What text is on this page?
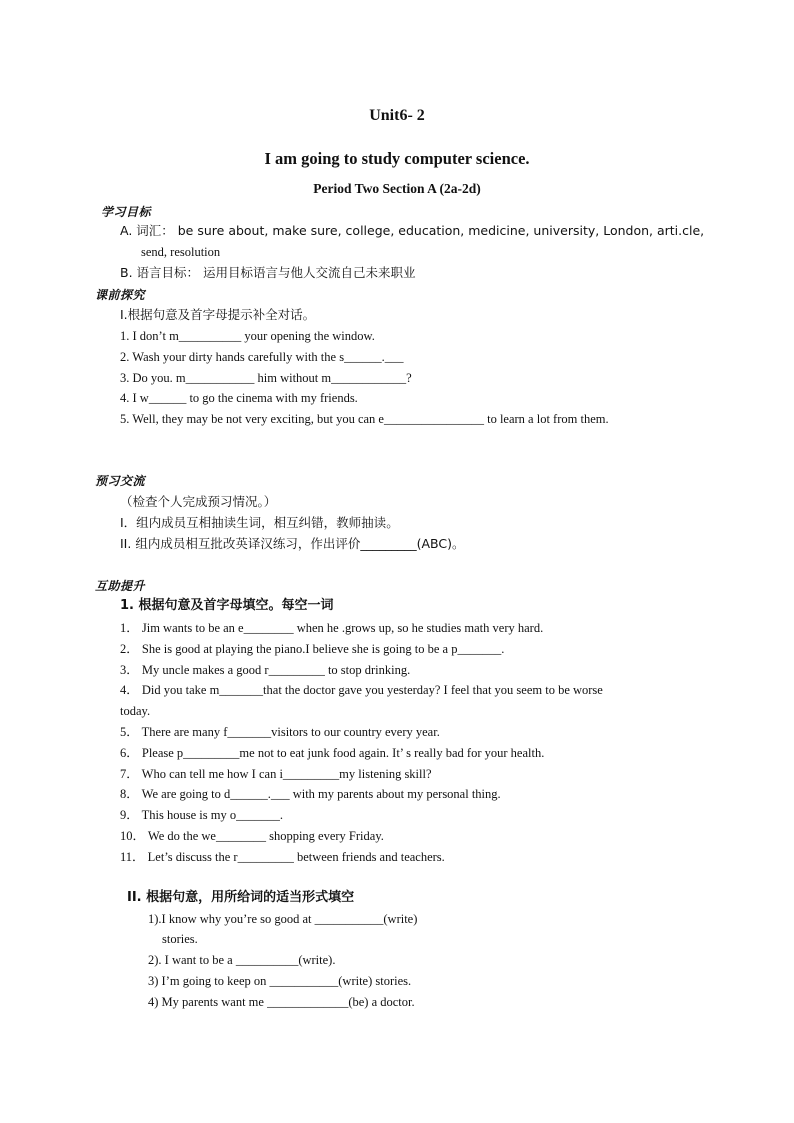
Unit6- 2
I am going to study computer science.
Period Two Section A (2a-2d)
学习目标
A. 词汇： be sure about, make sure, college, education, medicine, university, London, arti.cle,
send, resolution
B. 语言目标： 运用目标语言与他人交流自己未来职业
课前探究
I.根据句意及首字母提示补全对话。
1. I don’t m__________ your opening the window.
2. Wash your dirty hands carefully with the s______.___
3. Do you. m___________ him without m____________?
4. I w______ to go the cinema with my friends.
5. Well, they may be not very exciting, but you can e________________ to learn a lot from them.
预习交流
（检查个人完成预习情况。）
I．组内成员互相抽读生词，相互纠错，教师抽读。
II. 组内成员相互批改英译汉练习，作出评价_________(ABC)。
互助提升
1. 根据句意及首字母填空。每空一词
1． Jim wants to be an e________ when he .grows up, so he studies math very hard.
2． She is good at playing the piano.I believe she is going to be a p_______.
3． My uncle makes a good r_________ to stop drinking.
4． Did you take m_______that the doctor gave you yesterday? I feel that you seem to be worse
today.
5． There are many f_______visitors to our country every year.
6． Please p_________me not to eat junk food again. It’ s really bad for your health.
7． Who can tell me how I can i_________my listening skill?
8． We are going to d______.___ with my parents about my personal thing.
9． This house is my o_______.
10． We do the we________ shopping every Friday.
11． Let’s discuss the r_________ between friends and teachers.
II. 根据句意，用所给词的适当形式填空
1).I know why you’re so good at ___________(write)
stories.
2). I want to be a __________(write).
3) I’m going to keep on ___________(write) stories.
4) My parents want me _____________(be) a doctor.
